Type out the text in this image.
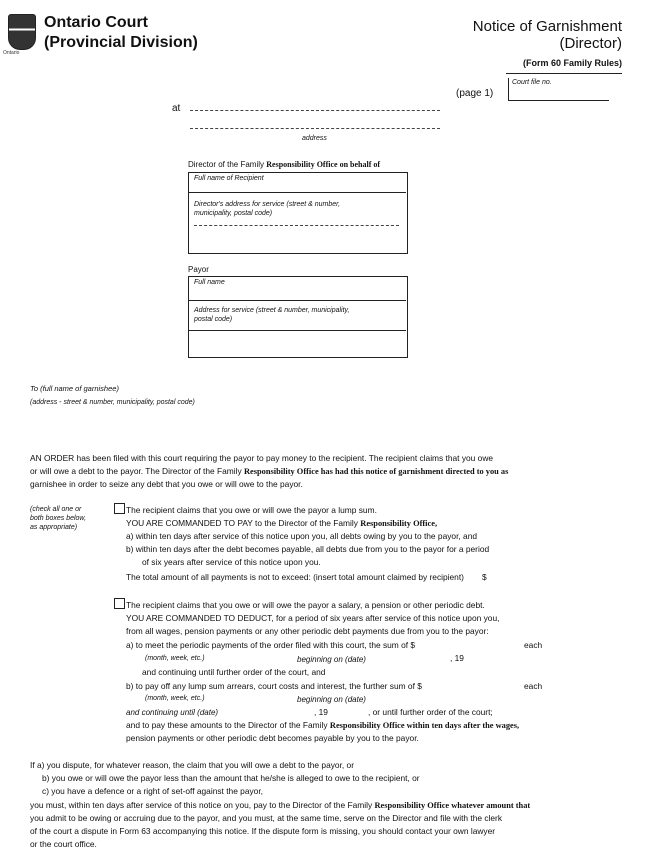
Ontario
Ontario Court
(Provincial Division)
Notice of Garnishment
(Director)
(Form 60 Family Rules)
Court file no.
(page 1)
at
address
Director of the Family Responsibility Office on behalf of
Full name of Recipient
Director's address for service (street & number,
municipality, postal code)
Payor
Full name
Address for service (street & number, municipality,
postal code)
To (full name of garnishee)
(address - street & number, municipality, postal code)
AN ORDER has been filed with this court requiring the payor to pay money to the recipient. The recipient claims that you owe
or will owe a debt to the payor. The Director of the Family Responsibility Office has had this notice of garnishment directed to you as
garnishee in order to seize any debt that you owe or will owe to the payor.
(check all one or
both boxes below,
as appropriate)
The recipient claims that you owe or will owe the payor a lump sum.
YOU ARE COMMANDED TO PAY to the Director of the Family Responsibility Office,
a) within ten days after service of this notice upon you, all debts owing by you to the payor, and
b) within ten days after the debt becomes payable, all debts due from you to the payor for a period
of six years after service of this notice upon you.
The total amount of all payments is not to exceed: (insert total amount claimed by recipient) $
The recipient claims that you owe or will owe the payor a salary, a pension or other periodic debt.
YOU ARE COMMANDED TO DEDUCT, for a period of six years after service of this notice upon you,
from all wages, pension payments or any other periodic debt payments due from you to the payor:
a) to meet the periodic payments of the order filed with this court, the sum of $	each
(month, week, etc.)	beginning on (date)	, 19
and continuing until further order of the court, and
b) to pay off any lump sum arrears, court costs and interest, the further sum of $	each
(month, week, etc.)	beginning on (date)
and continuing until (date)	, 19	, or until further order of the court;
and to pay these amounts to the Director of the Family Responsibility Office within ten days after the wages,
pension payments or other periodic debt becomes payable by you to the payor.
If a) you dispute, for whatever reason, the claim that you will owe a debt to the payor, or
b) you owe or will owe the payor less than the amount that he/she is alleged to owe to the recipient, or
c) you have a defence or a right of set-off against the payor,
you must, within ten days after service of this notice on you, pay to the Director of the Family Responsibility Office whatever amount that
you admit to be owing or accruing due to the payor, and you must, at the same time, serve on the Director and file with the clerk
of the court a dispute in Form 63 accompanying this notice. If the dispute form is missing, you should contact your own lawyer
or the court office.
